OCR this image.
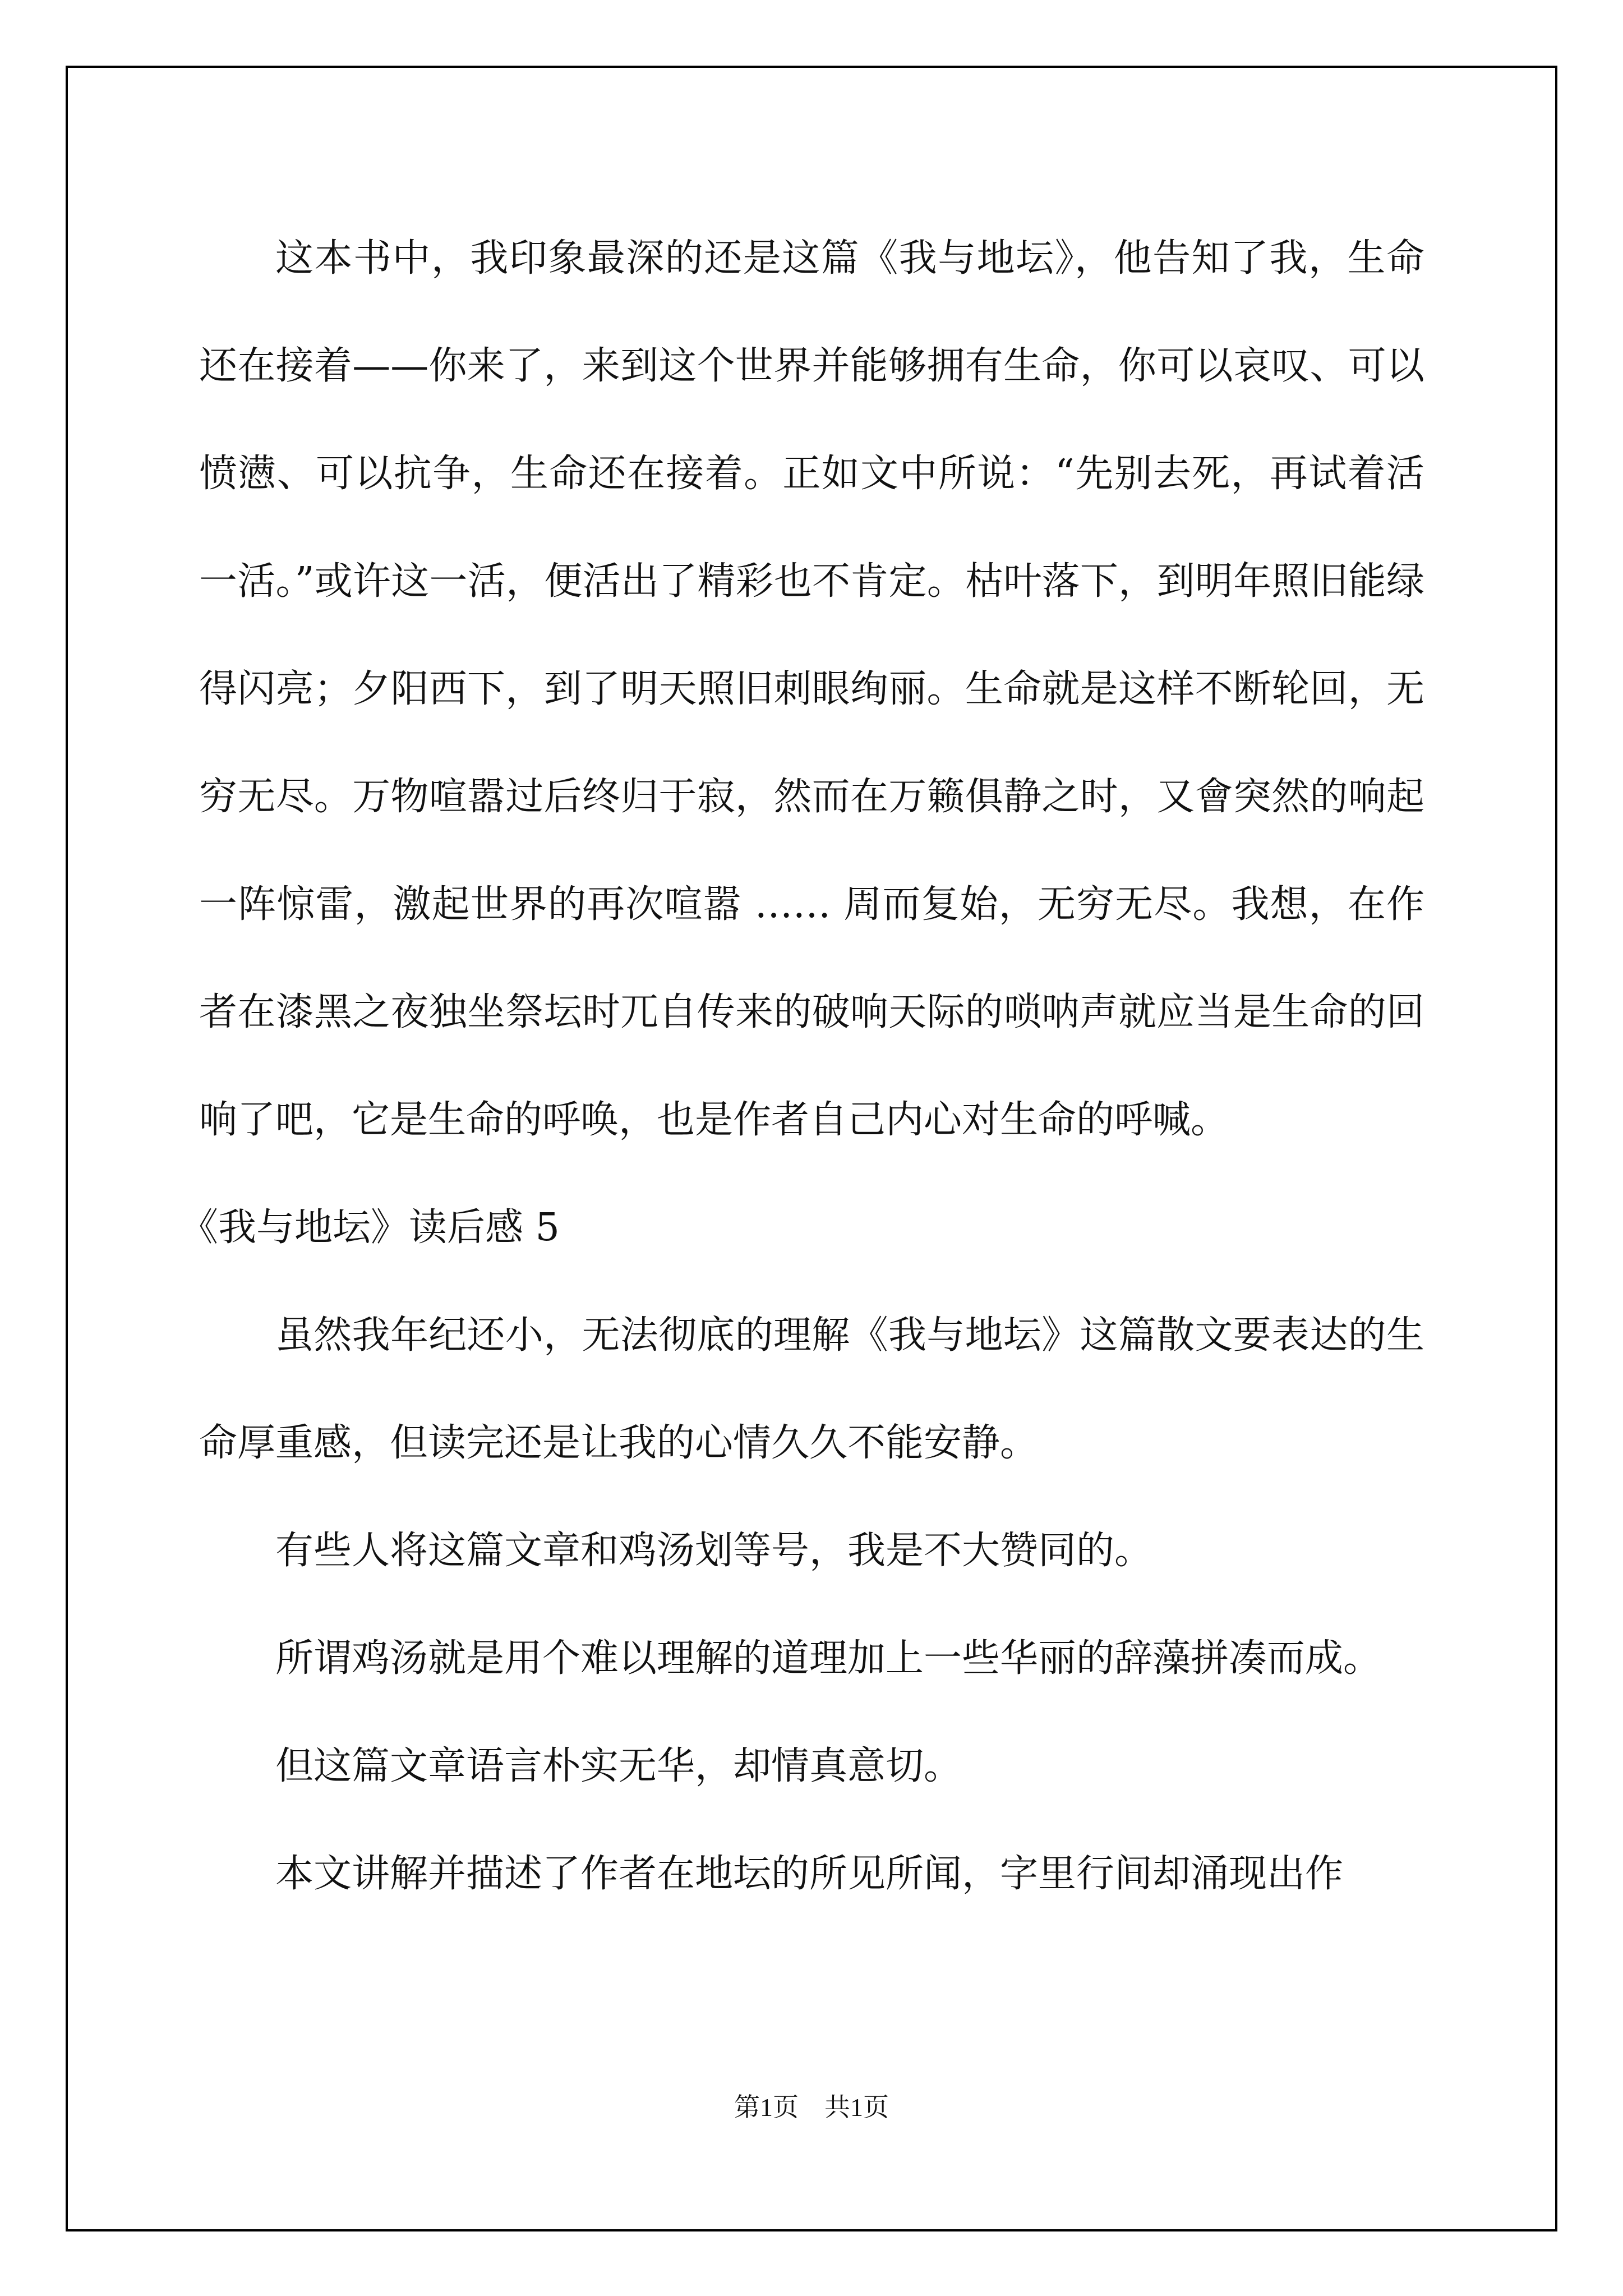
这本书中，我印象最深的还是这篇《我与地坛》，他告知了我，生命还在接着——你来了，来到这个世界并能够拥有生命，你可以哀叹、可以愤懑、可以抗争，生命还在接着。正如文中所说：“先别去死，再试着活一活。”或许这一活，便活出了精彩也不肯定。枯叶落下，到明年照旧能绿得闪亮；夕阳西下，到了明天照旧刺眼绚丽。生命就是这样不断轮回，无穷无尽。万物喧嚣过后终归于寂，然而在万籁俱静之时，又會突然的响起一阵惊雷，激起世界的再次喧嚣 …… 周而复始，无穷无尽。我想，在作者在漆黑之夜独坐祭坛时兀自传来的破响天际的唢呐声就应当是生命的回响了吧，它是生命的呼唤，也是作者自己内心对生命的呼喊。

《我与地坛》读后感 5

虽然我年纪还小，无法彻底的理解《我与地坛》这篇散文要表达的生命厚重感，但读完还是让我的心情久久不能安静。

有些人将这篇文章和鸡汤划等号，我是不大赞同的。

所谓鸡汤就是用个难以理解的道理加上一些华丽的辞藻拼凑而成。

但这篇文章语言朴实无华，却情真意切。

本文讲解并描述了作者在地坛的所见所闻，字里行间却涌现出作

第1页　共1页
